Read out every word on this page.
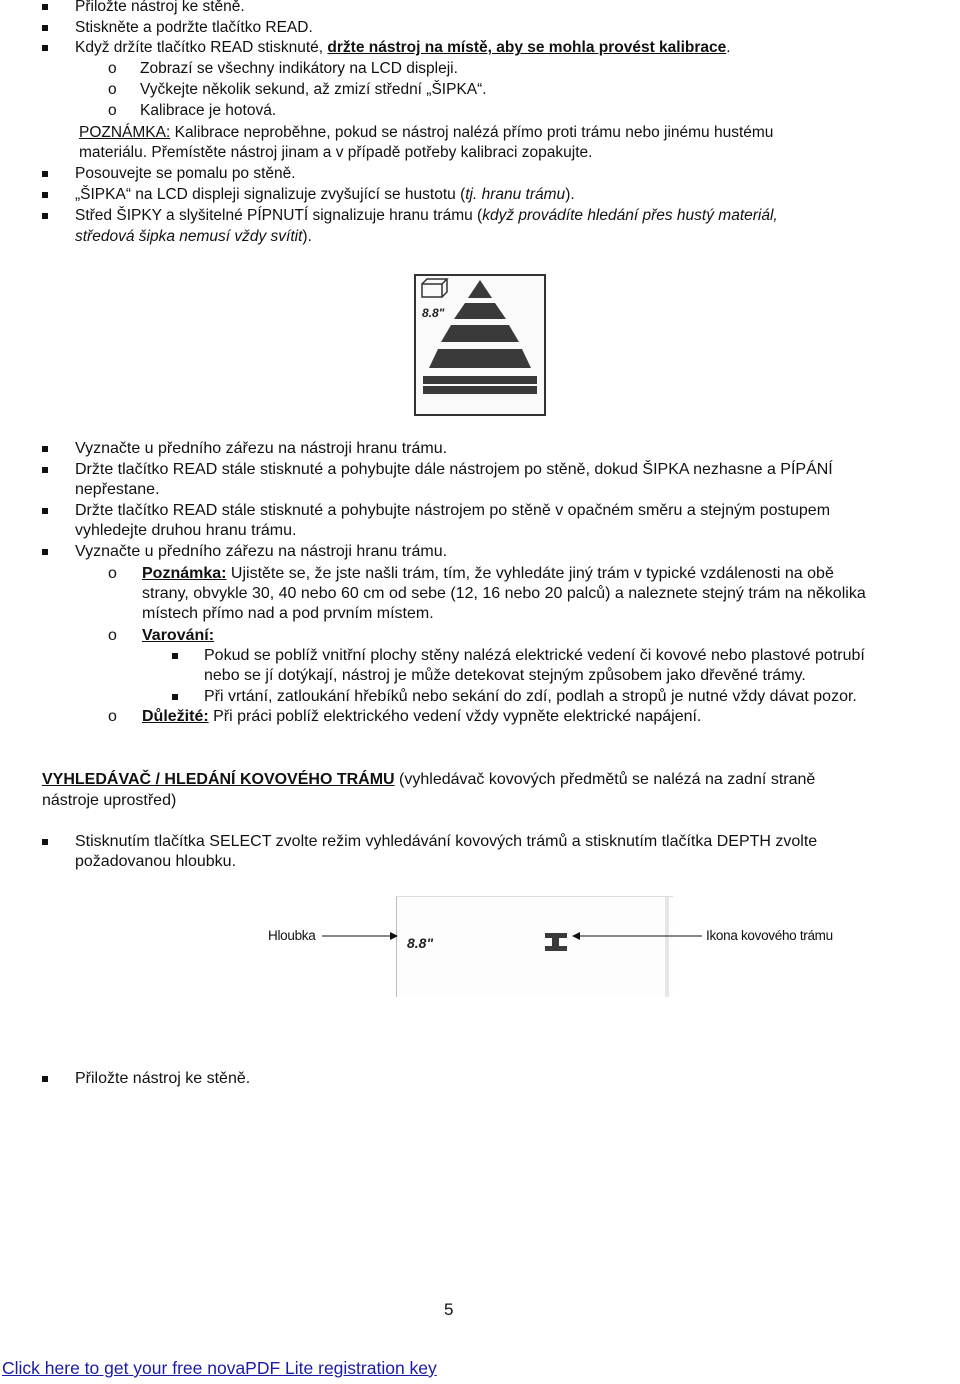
Přiložte nástroj ke stěně.
Stiskněte a podržte tlačítko READ.
Když držíte tlačítko READ stisknuté, držte nástroj na místě, aby se mohla provést kalibrace.
o Zobrazí se všechny indikátory na LCD displeji.
o Vyčkejte několik sekund, až zmizí střední „ŠIPKA“.
o Kalibrace je hotová.
POZNÁMKA: Kalibrace neproběhne, pokud se nástroj nalézá přímo proti trámu nebo jinému hustému
materiálu. Přemístěte nástroj jinam a v případě potřeby kalibraci zopakujte.
Posouvejte se pomalu po stěně.
„ŠIPKA“ na LCD displeji signalizuje zvyšující se hustotu (tj. hranu trámu).
Střed ŠIPKY a slyšitelné PÍPNUTÍ signalizuje hranu trámu (když provádíte hledání přes hustý materiál,
středová šipka nemusí vždy svítit).
8.8"
Vyznačte u předního zářezu na nástroji hranu trámu.
Držte tlačítko READ stále stisknuté a pohybujte dále nástrojem po stěně, dokud ŠIPKA nezhasne a PÍPÁNÍ
nepřestane.
Držte tlačítko READ stále stisknuté a pohybujte nástrojem po stěně v opačném směru a stejným postupem
vyhledejte druhou hranu trámu.
Vyznačte u předního zářezu na nástroji hranu trámu.
o Poznámka: Ujistěte se, že jste našli trám, tím, že vyhledáte jiný trám v typické vzdálenosti na obě
strany, obvykle 30, 40 nebo 60 cm od sebe (12, 16 nebo 20 palců) a naleznete stejný trám na několika
místech přímo nad a pod prvním místem.
o Varování:
Pokud se poblíž vnitřní plochy stěny nalézá elektrické vedení či kovové nebo plastové potrubí
nebo se jí dotýkají, nástroj je může detekovat stejným způsobem jako dřevěné trámy.
Při vrtání, zatloukání hřebíků nebo sekání do zdí, podlah a stropů je nutné vždy dávat pozor.
o Důležité: Při práci poblíž elektrického vedení vždy vypněte elektrické napájení.
VYHLEDÁVAČ / HLEDÁNÍ KOVOVÉHO TRÁMU (vyhledávač kovových předmětů se nalézá na zadní straně
nástroje uprostřed)
Stisknutím tlačítka SELECT zvolte režim vyhledávání kovových trámů a stisknutím tlačítka DEPTH zvolte
požadovanou hloubku.
8.8"
Hloubka	Ikona kovového trámu
Přiložte nástroj ke stěně.
5
Click here to get your free novaPDF Lite registration key
